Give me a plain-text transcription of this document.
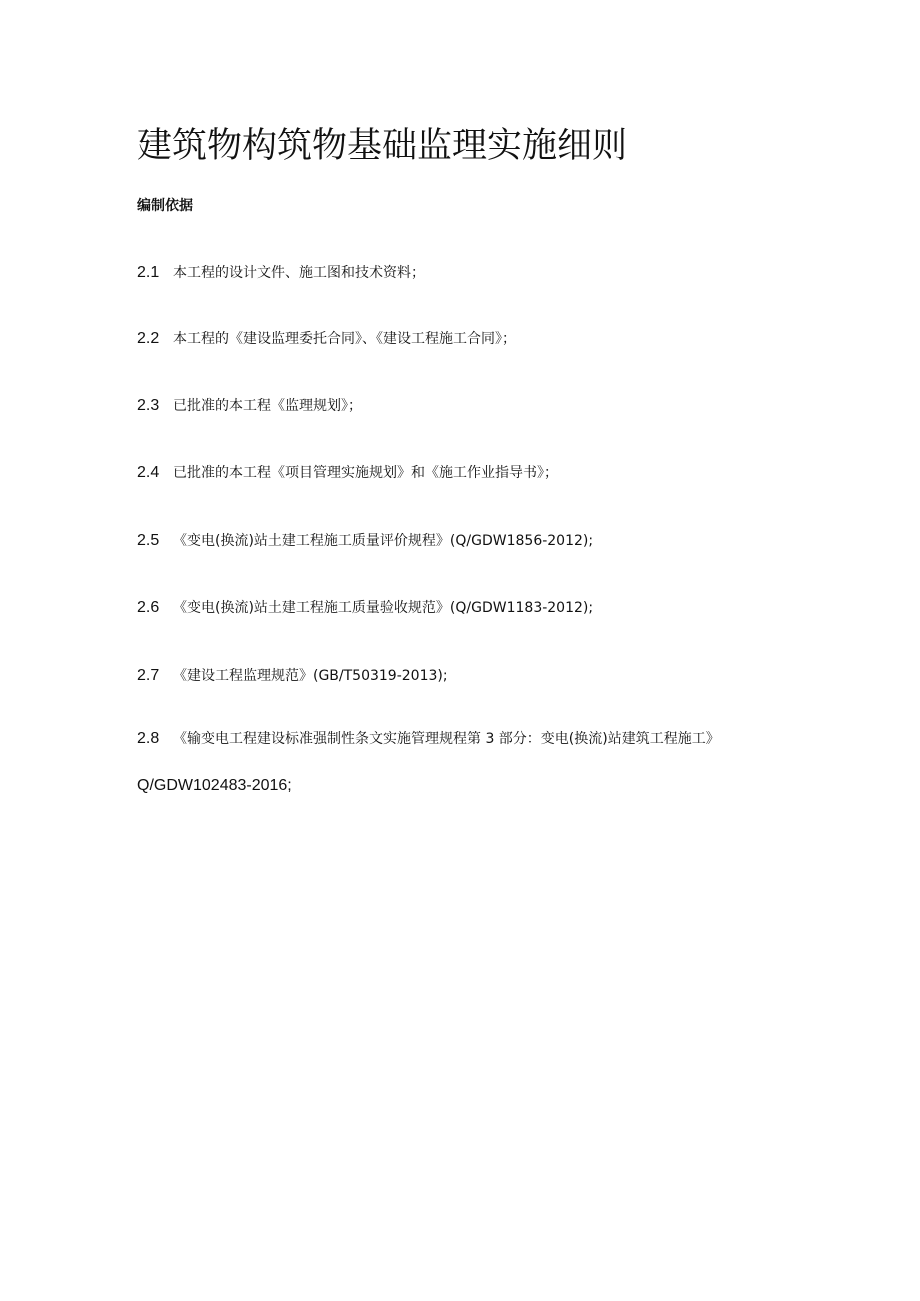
建筑物构筑物基础监理实施细则
编制依据
2.1 本工程的设计文件、施工图和技术资料；
2.2 本工程的《建设监理委托合同》、《建设工程施工合同》；
2.3 已批准的本工程《监理规划》；
2.4 已批准的本工程《项目管理实施规划》和《施工作业指导书》；
2.5 《变电(换流)站土建工程施工质量评价规程》(Q/GDW1856-2012);
2.6 《变电(换流)站土建工程施工质量验收规范》(Q/GDW1183-2012);
2.7 《建设工程监理规范》(GB/T50319-2013);
2.8 《输变电工程建设标准强制性条文实施管理规程第 3 部分：变电(换流)站建筑工程施工》
Q/GDW102483-2016;
